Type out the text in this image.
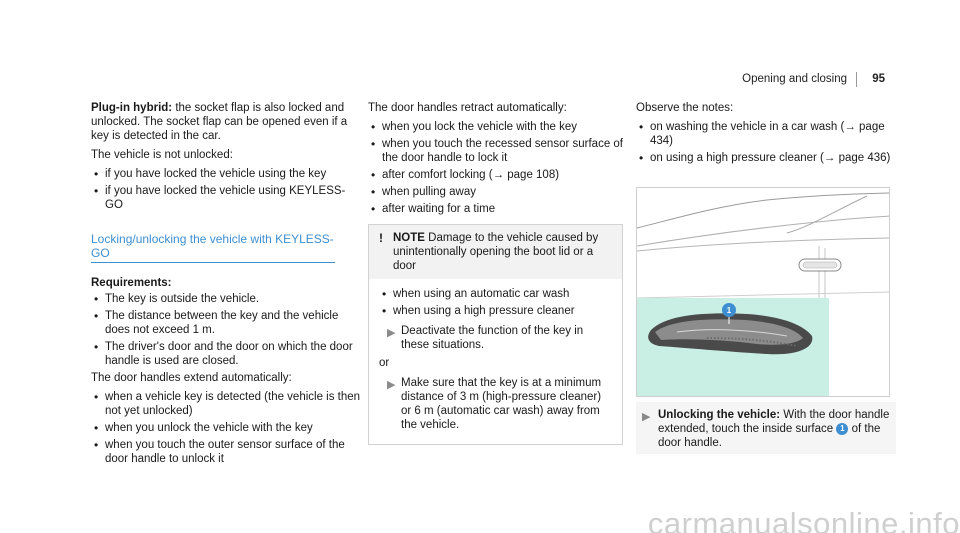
Opening and closing 95

Plug-in hybrid: the socket flap is also locked and unlocked. The socket flap can be opened even if a key is detected in the car.

The vehicle is not unlocked:

• if you have locked the vehicle using the key
• if you have locked the vehicle using KEYLESS-GO
Locking/unlocking the vehicle with KEYLESS-GO
Requirements:
• The key is outside the vehicle.
• The distance between the key and the vehicle does not exceed 1 m.
• The driver's door and the door on which the door handle is used are closed.

The door handles extend automatically:

• when a vehicle key is detected (the vehicle is then not yet unlocked)
• when you unlock the vehicle with the key
• when you touch the outer sensor surface of the door handle to unlock it

The door handles retract automatically:

• when you lock the vehicle with the key
• when you touch the recessed sensor surface of the door handle to lock it
• after comfort locking (→ page 108)
• when pulling away
• after waiting for a time
! NOTE Damage to the vehicle caused by unintentionally opening the boot lid or a door
• when using an automatic car wash
• when using a high pressure cleaner
▶ Deactivate the function of the key in these situations.
or
▶ Make sure that the key is at a minimum distance of 3 m (high-pressure cleaner) or 6 m (automatic car wash) away from the vehicle.

Observe the notes:

• on washing the vehicle in a car wash (→ page 434)
• on using a high pressure cleaner (→ page 436)
1
▶ Unlocking the vehicle: With the door handle extended, touch the inside surface 1 of the door handle.
carmanualsonline.info
